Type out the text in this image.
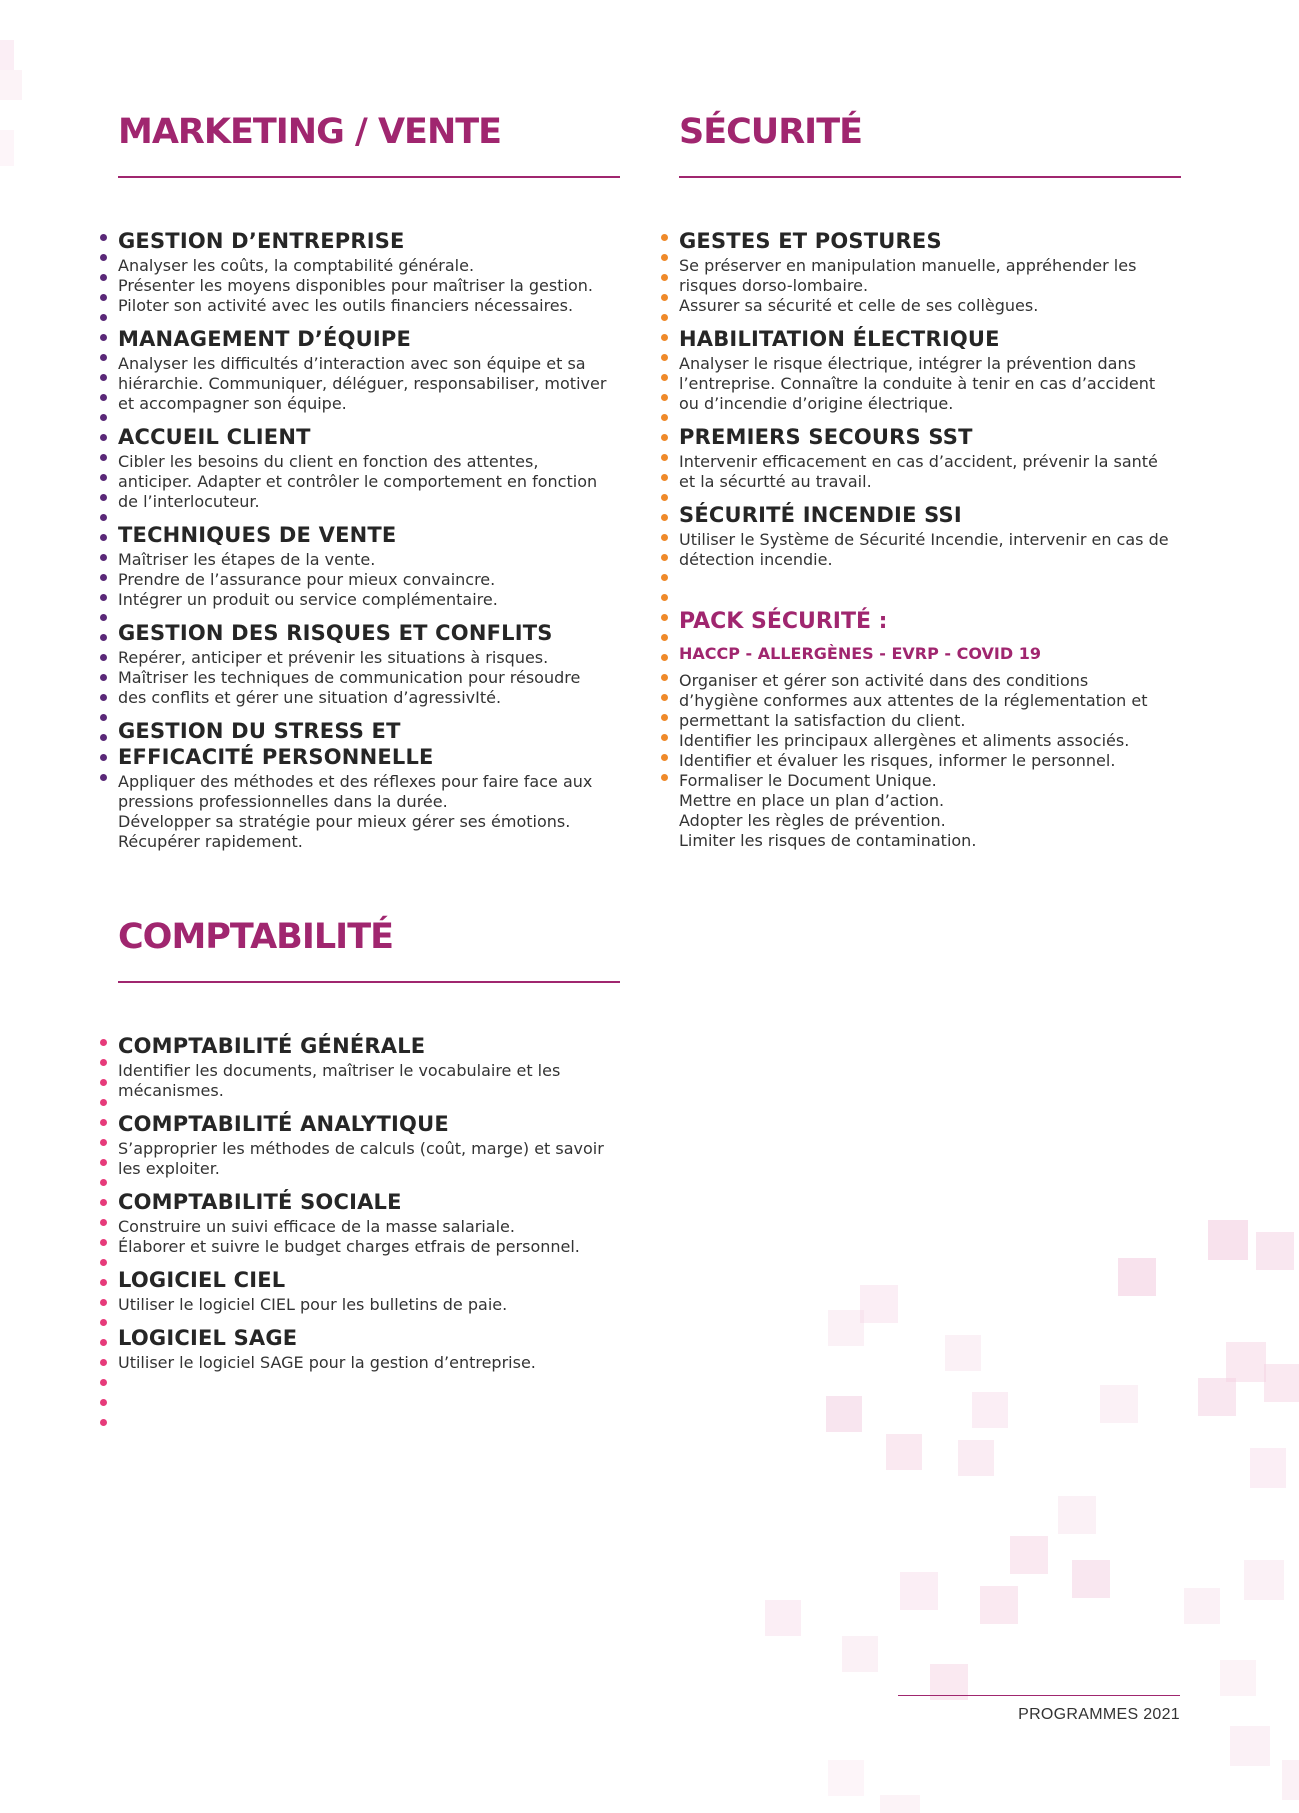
MARKETING / VENTE

GESTION D’ENTREPRISE

Analyser les coûts, la comptabilité générale.
Présenter les moyens disponibles pour maîtriser la gestion.
Piloter son activité avec les outils financiers nécessaires.

MANAGEMENT D’ÉQUIPE

Analyser les difficultés d’interaction avec son équipe et sa
hiérarchie. Communiquer, déléguer, responsabiliser, motiver
et accompagner son équipe.

ACCUEIL CLIENT

Cibler les besoins du client en fonction des attentes,
anticiper. Adapter et contrôler le comportement en fonction
de l’interlocuteur.

TECHNIQUES DE VENTE

Maîtriser les étapes de la vente.
Prendre de l’assurance pour mieux convaincre.
Intégrer un produit ou service complémentaire.

GESTION DES RISQUES ET CONFLITS

Repérer, anticiper et prévenir les situations à risques.
Maîtriser les techniques de communication pour résoudre
des conflits et gérer une situation d’agressivIté.

GESTION DU STRESS ET
EFFICACITÉ PERSONNELLE

Appliquer des méthodes et des réflexes pour faire face aux
pressions professionnelles dans la durée.
Développer sa stratégie pour mieux gérer ses émotions.
Récupérer rapidement.

SÉCURITÉ

GESTES ET POSTURES

Se préserver en manipulation manuelle, appréhender les
risques dorso-lombaire.
Assurer sa sécurité et celle de ses collègues.

HABILITATION ÉLECTRIQUE

Analyser le risque électrique, intégrer la prévention dans
l’entreprise. Connaître la conduite à tenir en cas d’accident
ou d’incendie d’origine électrique.

PREMIERS SECOURS SST

Intervenir efficacement en cas d’accident, prévenir la santé
et la sécurtté au travail.

SÉCURITÉ INCENDIE SSI

Utiliser le Système de Sécurité Incendie, intervenir en cas de
détection incendie.

PACK SÉCURITÉ :

HACCP - ALLERGÈNES - EVRP - COVID 19

Organiser et gérer son activité dans des conditions
d’hygiène conformes aux attentes de la réglementation et
permettant la satisfaction du client.
Identifier les principaux allergènes et aliments associés.
Identifier et évaluer les risques, informer le personnel.
Formaliser le Document Unique.
Mettre en place un plan d’action.
Adopter les règles de prévention.
Limiter les risques de contamination.

COMPTABILITÉ

COMPTABILITÉ GÉNÉRALE

Identifier les documents, maîtriser le vocabulaire et les
mécanismes.

COMPTABILITÉ ANALYTIQUE

S’approprier les méthodes de calculs (coût, marge) et savoir
les exploiter.

COMPTABILITÉ SOCIALE

Construire un suivi efficace de la masse salariale.
Élaborer et suivre le budget charges etfrais de personnel.

LOGICIEL CIEL

Utiliser le logiciel CIEL pour les bulletins de paie.

LOGICIEL SAGE

Utiliser le logiciel SAGE pour la gestion d’entreprise.

PROGRAMMES 2021
